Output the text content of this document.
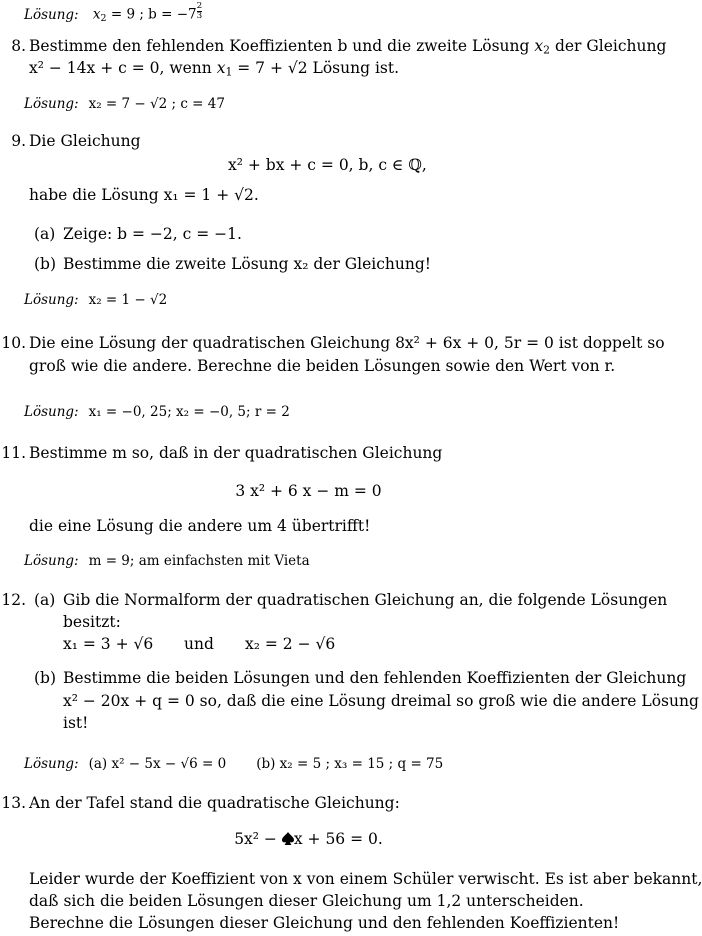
Lösung: $x_2 = 9$ ; $b = -7 \frac{2}{3}$
8. Bestimme den fehlenden Koeffizienten b und die zweite Lösung $x_2$ der Gleichung
x² − 14x + c = 0, wenn $x_1 = 7 + √2$ Lösung ist.
Lösung: x₂ = 7 − √2 ; c = 47
9. Die Gleichung
x² + bx + c = 0, b, c ∈ ℚ,
habe die Lösung x₁ = 1 + √2.
(a) Zeige: b = −2, c = −1.
(b) Bestimme die zweite Lösung x₂ der Gleichung!
Lösung: x₂ = 1 − √2
10. Die eine Lösung der quadratischen Gleichung 8x² + 6x + 0, 5r = 0 ist doppelt so
groß wie die andere. Berechne die beiden Lösungen sowie den Wert von r.
Lösung: x₁ = −0, 25; x₂ = −0, 5; r = 2
11. Bestimme m so, daß in der quadratischen Gleichung
3 x² + 6 x − m = 0
die eine Lösung die andere um 4 übertrifft!
Lösung: m = 9; am einfachsten mit Vieta
12. (a) Gib die Normalform der quadratischen Gleichung an, die folgende Lösungen
besitzt:
x₁ = 3 + √6 und x₂ = 2 − √6
(b) Bestimme die beiden Lösungen und den fehlenden Koeffizienten der Gleichung
x² − 20x + q = 0 so, daß die eine Lösung dreimal so groß wie die andere Lösung
ist!
Lösung: (a) x² − 5x − √6 = 0 (b) x₂ = 5 ; x₃ = 15 ; q = 75
13. An der Tafel stand die quadratische Gleichung:
5x² − x + 56 = 0.
Leider wurde der Koeffizient von x von einem Schüler verwischt. Es ist aber bekannt,
daß sich die beiden Lösungen dieser Gleichung um 1,2 unterscheiden.
Berechne die Lösungen dieser Gleichung und den fehlenden Koeffizienten!
